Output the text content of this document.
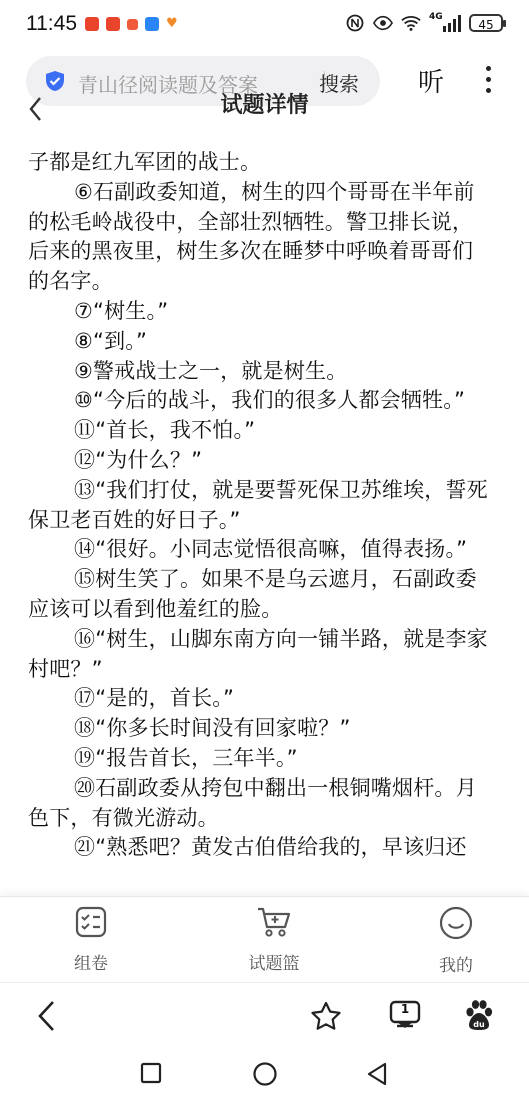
11:45	♥	4G
45
青山径阅读题及答案	搜索 听
试题详情

子都是红九军团的战士。

⑥石副政委知道，树生的四个哥哥在半年前的松毛岭战役中，全部壮烈牺牲。警卫排长说，后来的黑夜里，树生多次在睡梦中呼唤着哥哥们的名字。

⑦“树生。”

⑧“到。”

⑨警戒战士之一，就是树生。

⑩“今后的战斗，我们的很多人都会牺牲。”

⑪“首长，我不怕。”

⑫“为什么？”

⑬“我们打仗，就是要誓死保卫苏维埃，誓死保卫老百姓的好日子。”

⑭“很好。小同志觉悟很高嘛，值得表扬。”

⑮树生笑了。如果不是乌云遮月，石副政委应该可以看到他羞红的脸。

⑯“树生，山脚东南方向一铺半路，就是李家村吧？”

⑰“是的，首长。”

⑱“你多长时间没有回家啦？”

⑲“报告首长，三年半。”

⑳石副政委从挎包中翻出一根铜嘴烟杆。月色下，有微光游动。

㉑“熟悉吧？黄发古伯借给我的，早该归还

组卷	试题篮	我的
1
du
